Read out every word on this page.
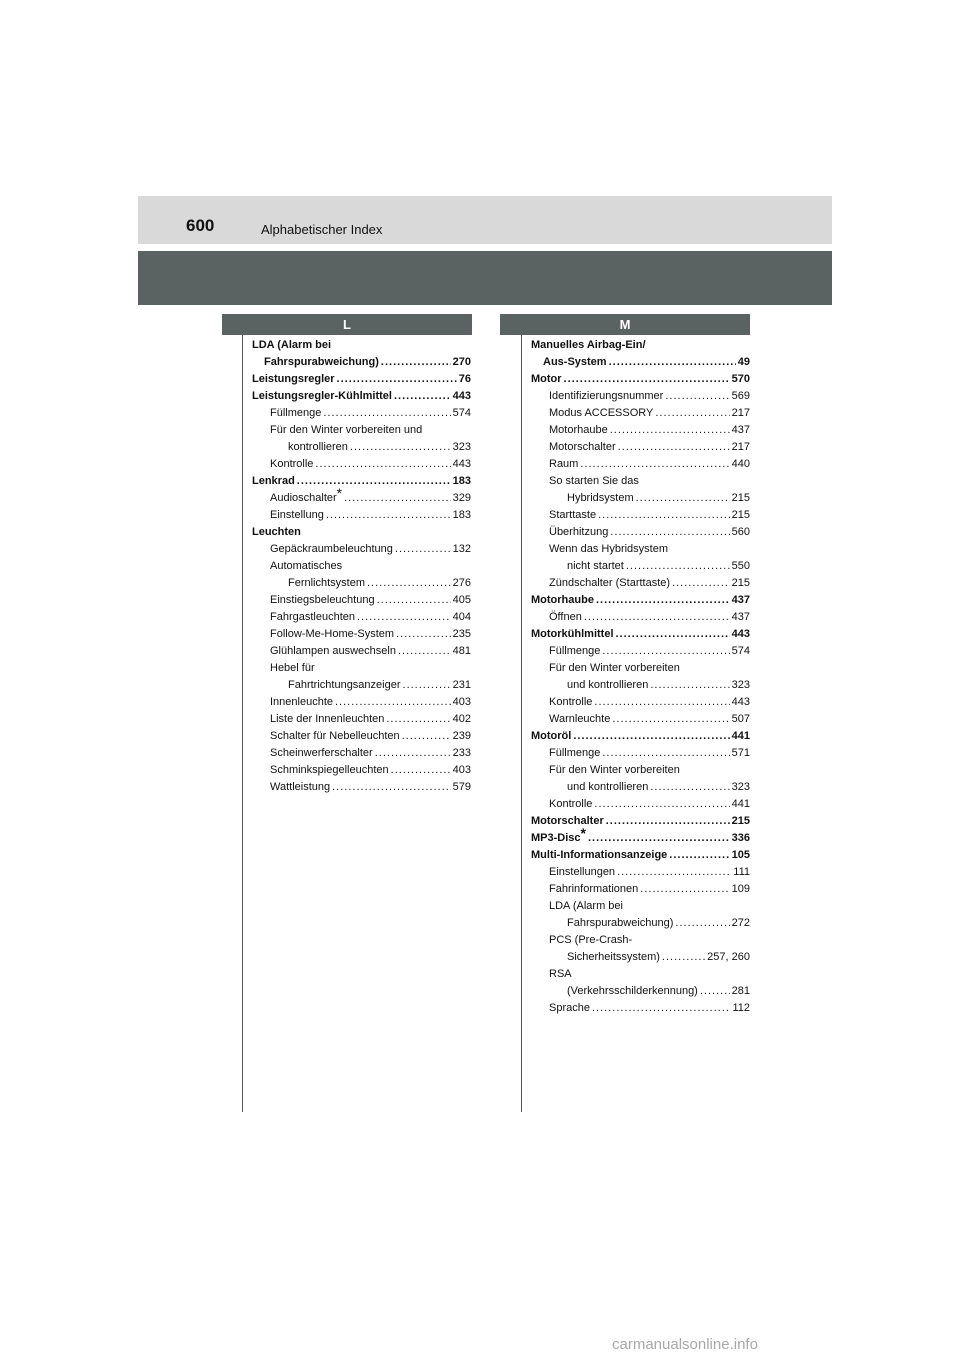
600	Alphabetischer Index
L	M
LDA (Alarm bei
Fahrspurabweichung) .....	270
Leistungsregler .....	76
Leistungsregler-Kühlmittel .....	443
Füllmenge .....	574
Für den Winter vorbereiten und
kontrollieren .....	323
Kontrolle .....	443
Lenkrad .....	183
Audioschalter* .....	329
Einstellung .....	183
Leuchten
Gepäckraumbeleuchtung .....	132
Automatisches
Fernlichtsystem .....	276
Einstiegsbeleuchtung .....	405
Fahrgastleuchten .....	404
Follow-Me-Home-System .....	235
Glühlampen auswechseln .....	481
Hebel für
Fahrtrichtungsanzeiger .....	231
Innenleuchte .....	403
Liste der Innenleuchten .....	402
Schalter für Nebelleuchten .....	239
Scheinwerferschalter .....	233
Schminkspiegelleuchten .....	403
Wattleistung .....	579
Manuelles Airbag-Ein/
Aus-System .....	49
Motor .....	570
Identifizierungsnummer .....	569
Modus ACCESSORY .....	217
Motorhaube .....	437
Motorschalter .....	217
Raum .....	440
So starten Sie das
Hybridsystem .....	215
Starttaste .....	215
Überhitzung .....	560
Wenn das Hybridsystem
nicht startet .....	550
Zündschalter (Starttaste) .....	215
Motorhaube .....	437
Öffnen .....	437
Motorkühlmittel .....	443
Füllmenge .....	574
Für den Winter vorbereiten
und kontrollieren .....	323
Kontrolle .....	443
Warnleuchte .....	507
Motoröl .....	441
Füllmenge .....	571
Für den Winter vorbereiten
und kontrollieren .....	323
Kontrolle .....	441
Motorschalter .....	215
MP3-Disc* .....	336
Multi-Informationsanzeige .....	105
Einstellungen .....	111
Fahrinformationen .....	109
LDA (Alarm bei
Fahrspurabweichung) .....	272
PCS (Pre-Crash-
Sicherheitssystem) .....	257, 260
RSA
(Verkehrsschilderkennung) .....	281
Sprache .....	112
carmanualsonline.info
